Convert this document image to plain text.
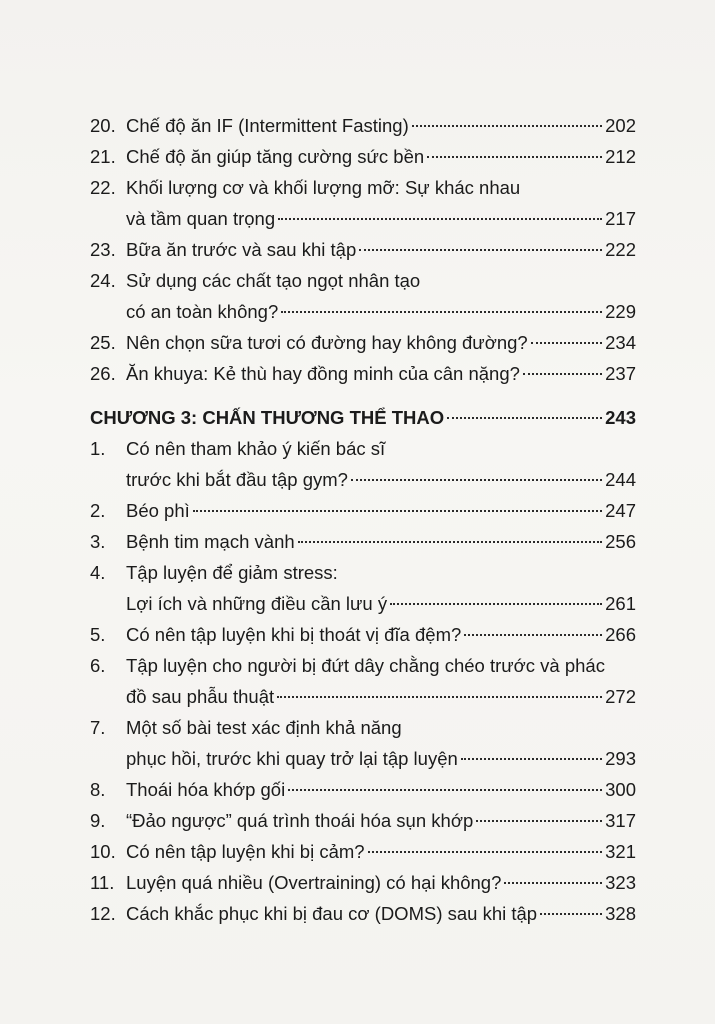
20. Chế độ ăn IF (Intermittent Fasting)	202
21. Chế độ ăn giúp tăng cường sức bền	212
22. Khối lượng cơ và khối lượng mỡ: Sự khác nhau
và tầm quan trọng	217
23. Bữa ăn trước và sau khi tập	222
24. Sử dụng các chất tạo ngọt nhân tạo
có an toàn không?	229
25. Nên chọn sữa tươi có đường hay không đường?	234
26. Ăn khuya: Kẻ thù hay đồng minh của cân nặng?	237
CHƯƠNG 3: CHẤN THƯƠNG THỂ THAO	243
1.	Có nên tham khảo ý kiến bác sĩ
trước khi bắt đầu tập gym?	244
2.	Béo phì	247
3.	Bệnh tim mạch vành	256
4.	Tập luyện để giảm stress:
Lợi ích và những điều cần lưu ý	261
5.	Có nên tập luyện khi bị thoát vị đĩa đệm?	266
6.	Tập luyện cho người bị đứt dây chằng chéo trước và phác
đồ sau phẫu thuật	272
7.	Một số bài test xác định khả năng
phục hồi, trước khi quay trở lại tập luyện	293
8.	Thoái hóa khớp gối	300
9.	“Đảo ngược” quá trình thoái hóa sụn khớp	317
10. Có nên tập luyện khi bị cảm?	321
11. Luyện quá nhiều (Overtraining) có hại không?	323
12. Cách khắc phục khi bị đau cơ (DOMS) sau khi tập	328
